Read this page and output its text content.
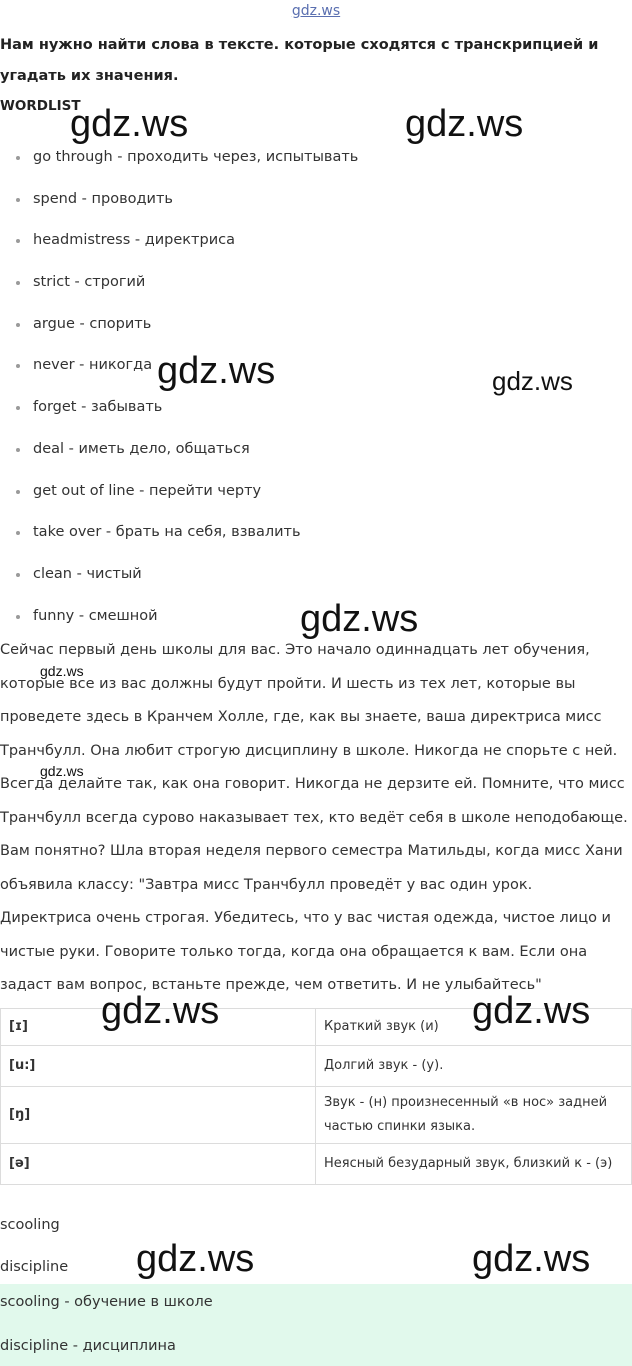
gdz.ws
Нам нужно найти слова в тексте. которые сходятся с транскрипцией и угадать их значения.
WORDLIST
go through - проходить через, испытывать
spend - проводить
headmistress - директриса
strict - строгий
argue - спорить
never - никогда
forget - забывать
deal - иметь дело, общаться
get out of line - перейти черту
take over - брать на себя, взвалить
clean - чистый
funny - смешной
Сейчас первый день школы для вас. Это начало одиннадцать лет обучения, которые все из вас должны будут пройти. И шесть из тех лет, которые вы проведете здесь в Кранчем Холле, где, как вы знаете, ваша директриса мисс Транчбулл. Она любит строгую дисциплину в школе. Никогда не спорьте с ней. Всегда делайте так, как она говорит. Никогда не дерзите ей. Помните, что мисс Транчбулл всегда сурово наказывает тех, кто ведёт себя в школе неподобающе. Вам понятно? Шла вторая неделя первого семестра Матильды, когда мисс Хани объявила классу: "Завтра мисс Транчбулл проведёт у вас один урок. Директриса очень строгая. Убедитесь, что у вас чистая одежда, чистое лицо и чистые руки. Говорите только тогда, когда она обращается к вам. Если она задаст вам вопрос, встаньте прежде, чем ответить. И не улыбайтесь"
[ɪ]	Краткий звук (и)
[u:]	Долгий звук - (у).
[ŋ]	Звук - (н) произнесенный «в нос» задней частью спинки языка.
[ə]	Неясный безударный звук, близкий к - (э)
scooling
discipline
scooling - обучение в школе
discipline - дисциплина
gdz.ws	gdz.ws
gdz.ws	gdz.ws
gdz.ws
gdz.ws
gdz.ws
gdz.ws	gdz.ws
gdz.ws	gdz.ws
